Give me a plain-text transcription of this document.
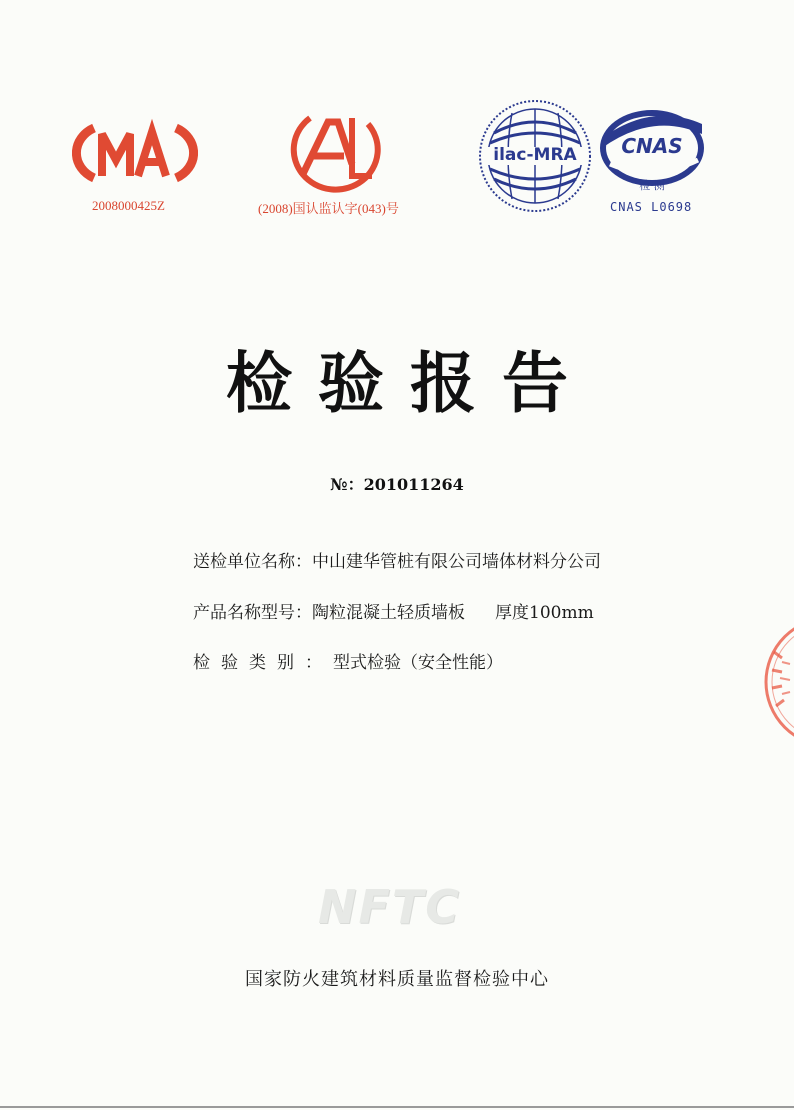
2008000425Z	(2008)国认监认字(043)号
ilac-MRA	CNAS
检 测
CNAS L0698
检验报告
№：201011264
送检单位名称：中山建华管桩有限公司墙体材料分公司
产品名称型号：陶粒混凝土轻质墙板 厚度100mm
检验类别：型式检验（安全性能）
NFTC
国家防火建筑材料质量监督检验中心
